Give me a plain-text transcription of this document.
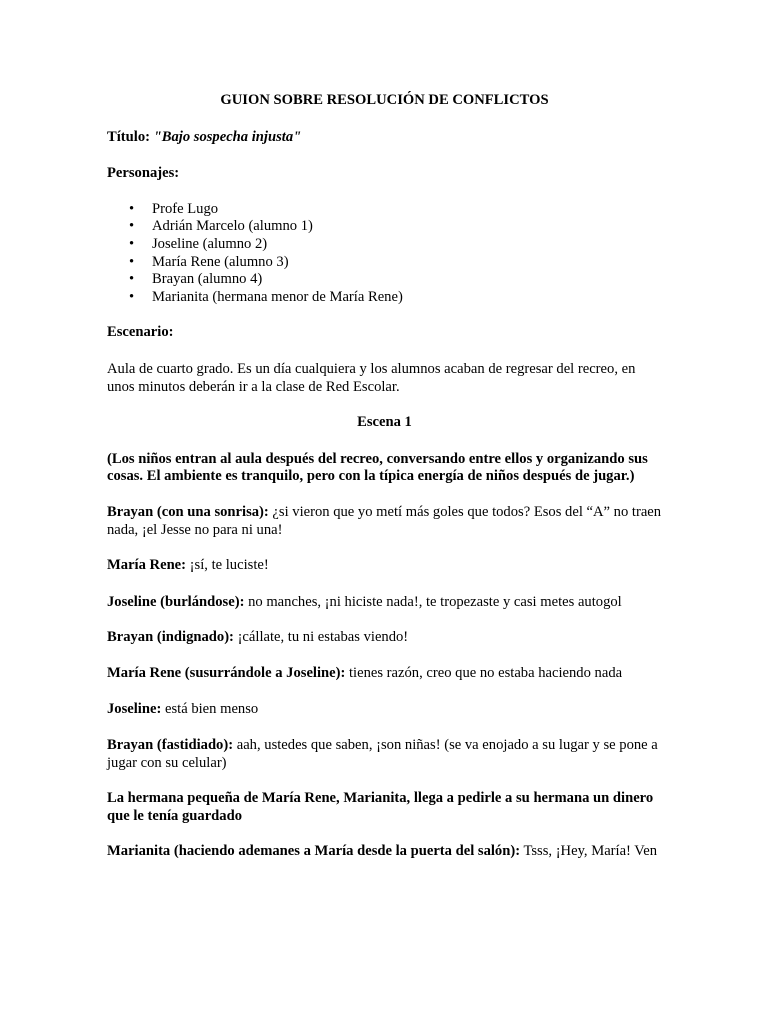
GUION SOBRE RESOLUCIÓN DE CONFLICTOS

Título: "Bajo sospecha injusta"

Personajes:

• Profe Lugo
• Adrián Marcelo (alumno 1)
• Joseline (alumno 2)
• María Rene (alumno 3)
• Brayan (alumno 4)
• Marianita (hermana menor de María Rene)

Escenario:

Aula de cuarto grado. Es un día cualquiera y los alumnos acaban de regresar del recreo, en unos minutos deberán ir a la clase de Red Escolar.

Escena 1

(Los niños entran al aula después del recreo, conversando entre ellos y organizando sus cosas. El ambiente es tranquilo, pero con la típica energía de niños después de jugar.)

Brayan (con una sonrisa): ¿si vieron que yo metí más goles que todos? Esos del “A” no traen nada, ¡el Jesse no para ni una!

María Rene: ¡sí, te luciste!

Joseline (burlándose): no manches, ¡ni hiciste nada!, te tropezaste y casi metes autogol

Brayan (indignado): ¡cállate, tu ni estabas viendo!

María Rene (susurrándole a Joseline): tienes razón, creo que no estaba haciendo nada

Joseline: está bien menso

Brayan (fastidiado): aah, ustedes que saben, ¡son niñas! (se va enojado a su lugar y se pone a jugar con su celular)

La hermana pequeña de María Rene, Marianita, llega a pedirle a su hermana un dinero que le tenía guardado

Marianita (haciendo ademanes a María desde la puerta del salón): Tsss, ¡Hey, María! Ven
